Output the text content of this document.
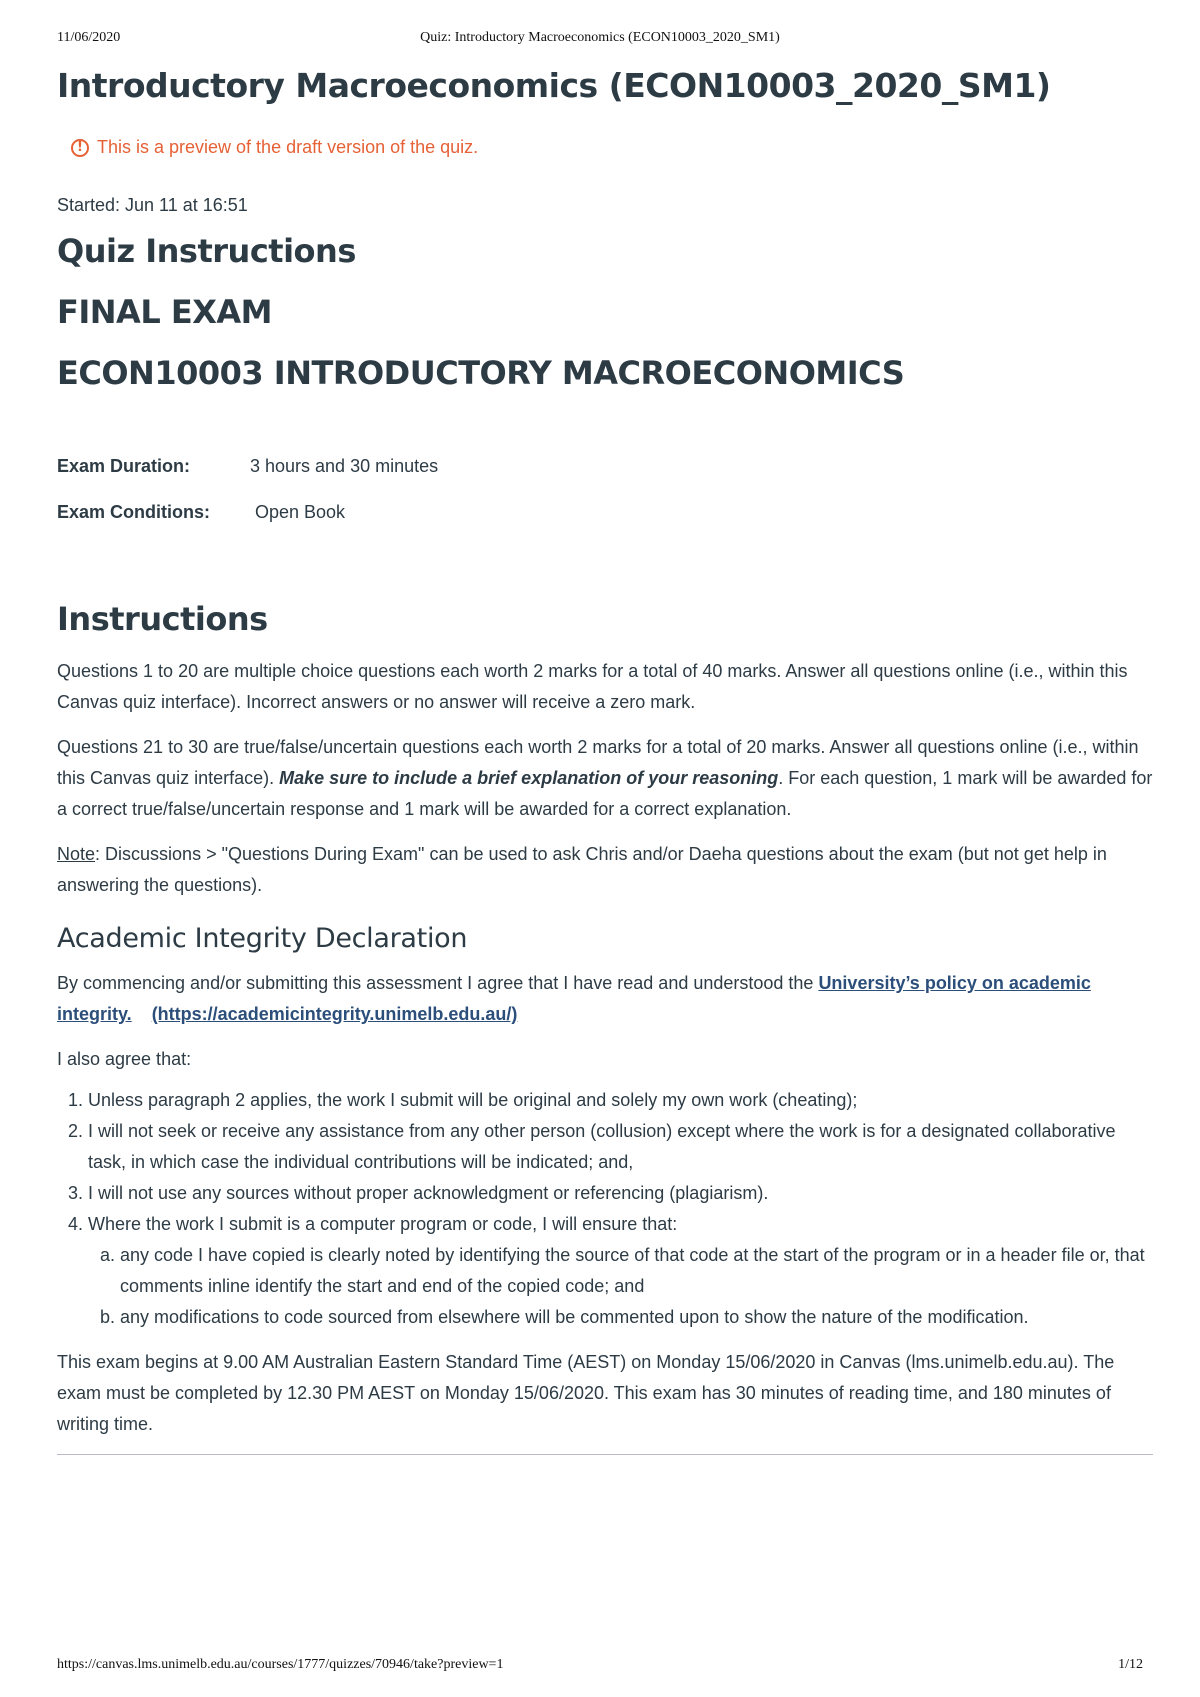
11/06/2020	Quiz: Introductory Macroeconomics (ECON10003_2020_SM1)
Introductory Macroeconomics (ECON10003_2020_SM1)
! This is a preview of the draft version of the quiz.
Started: Jun 11 at 16:51
Quiz Instructions
FINAL EXAM
ECON10003 INTRODUCTORY MACROECONOMICS
Exam Duration:	3 hours and 30 minutes
Exam Conditions: Open Book
Instructions

Questions 1 to 20 are multiple choice questions each worth 2 marks for a total of 40 marks. Answer all questions online (i.e., within this Canvas quiz interface). Incorrect answers or no answer will receive a zero mark.

Questions 21 to 30 are true/false/uncertain questions each worth 2 marks for a total of 20 marks. Answer all questions online (i.e., within this Canvas quiz interface). Make sure to include a brief explanation of your reasoning. For each question, 1 mark will be awarded for a correct true/false/uncertain response and 1 mark will be awarded for a correct explanation.

Note: Discussions > "Questions During Exam" can be used to ask Chris and/or Daeha questions about the exam (but not get help in answering the questions).

Academic Integrity Declaration

By commencing and/or submitting this assessment I agree that I have read and understood the University’s policy on academic integrity. (https://academicintegrity.unimelb.edu.au/)

I also agree that:

1. Unless paragraph 2 applies, the work I submit will be original and solely my own work (cheating);
2. I will not seek or receive any assistance from any other person (collusion) except where the work is for a designated collaborative task, in which case the individual contributions will be indicated; and,
3. I will not use any sources without proper acknowledgment or referencing (plagiarism).
4. Where the work I submit is a computer program or code, I will ensure that:
a. any code I have copied is clearly noted by identifying the source of that code at the start of the program or in a header file or, that comments inline identify the start and end of the copied code; and
b. any modifications to code sourced from elsewhere will be commented upon to show the nature of the modification.

This exam begins at 9.00 AM Australian Eastern Standard Time (AEST) on Monday 15/06/2020 in Canvas (lms.unimelb.edu.au). The exam must be completed by 12.30 PM AEST on Monday 15/06/2020. This exam has 30 minutes of reading time, and 180 minutes of writing time.

https://canvas.lms.unimelb.edu.au/courses/1777/quizzes/70946/take?preview=1	1/12
